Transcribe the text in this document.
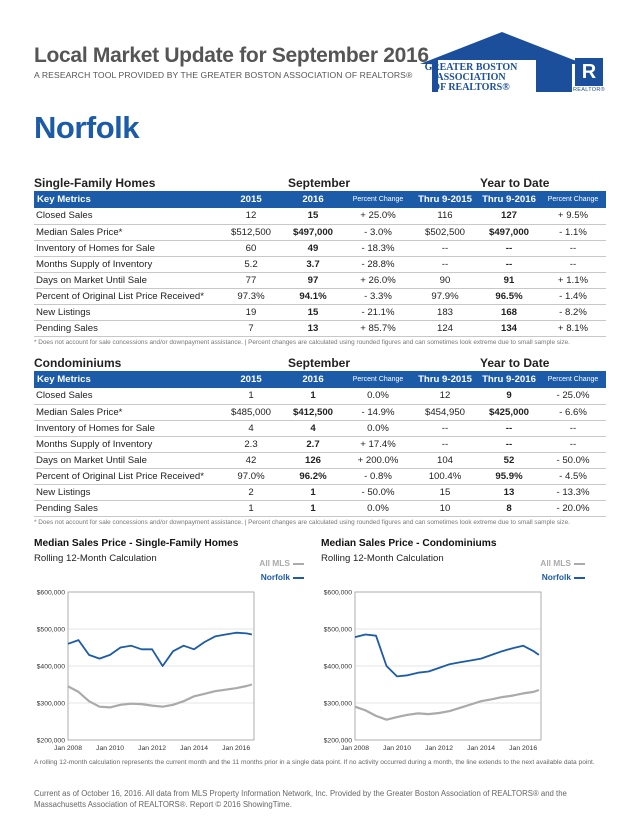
Local Market Update for September 2016
A RESEARCH TOOL PROVIDED BY THE GREATER BOSTON ASSOCIATION OF REALTORS®
GREATER BOSTON
ASSOCIATION
OF REALTORS®
R
REALTOR®
Norfolk
Single-Family Homes	September	Year to Date
Key Metrics	2015	2016	Percent Change	Thru 9-2015	Thru 9-2016	Percent Change
Closed Sales	12	15	+ 25.0%	116	127	+ 9.5%
Median Sales Price*	$512,500	$497,000	- 3.0%	$502,500	$497,000	- 1.1%
Inventory of Homes for Sale	60	49	- 18.3%	--	--	--
Months Supply of Inventory	5.2	3.7	- 28.8%	--	--	--
Days on Market Until Sale	77	97	+ 26.0%	90	91	+ 1.1%
Percent of Original List Price Received*	97.3%	94.1%	- 3.3%	97.9%	96.5%	- 1.4%
New Listings	19	15	- 21.1%	183	168	- 8.2%
Pending Sales	7	13	+ 85.7%	124	134	+ 8.1%
* Does not account for sale concessions and/or downpayment assistance. | Percent changes are calculated using rounded figures and can sometimes look extreme due to small sample size.
Condominiums	September	Year to Date
Key Metrics	2015	2016	Percent Change	Thru 9-2015	Thru 9-2016	Percent Change
Closed Sales	1	1	0.0%	12	9	- 25.0%
Median Sales Price*	$485,000	$412,500	- 14.9%	$454,950	$425,000	- 6.6%
Inventory of Homes for Sale	4	4	0.0%	--	--	--
Months Supply of Inventory	2.3	2.7	+ 17.4%	--	--	--
Days on Market Until Sale	42	126	+ 200.0%	104	52	- 50.0%
Percent of Original List Price Received*	97.0%	96.2%	- 0.8%	100.4%	95.9%	- 4.5%
New Listings	2	1	- 50.0%	15	13	- 13.3%
Pending Sales	1	1	0.0%	10	8	- 20.0%
* Does not account for sale concessions and/or downpayment assistance. | Percent changes are calculated using rounded figures and can sometimes look extreme due to small sample size.
Median Sales Price - Single-Family Homes
Rolling 12-Month Calculation	All MLS
Norfolk
$600,000
$500,000
$400,000
$300,000
$200,000
Jan 2008 Jan 2010 Jan 2012 Jan 2014 Jan 2016
Median Sales Price - Condominiums
Rolling 12-Month Calculation	All MLS
Norfolk
$600,000
$500,000
$400,000
$300,000
$200,000
Jan 2008 Jan 2010 Jan 2012 Jan 2014 Jan 2016
A rolling 12-month calculation represents the current month and the 11 months prior in a single data point. If no activity occurred during a month, the line extends to the next available data point.
Current as of October 16, 2016. All data from MLS Property Information Network, Inc. Provided by the Greater Boston Association of REALTORS® and the Massachusetts Association of REALTORS®. Report © 2016 ShowingTime.
